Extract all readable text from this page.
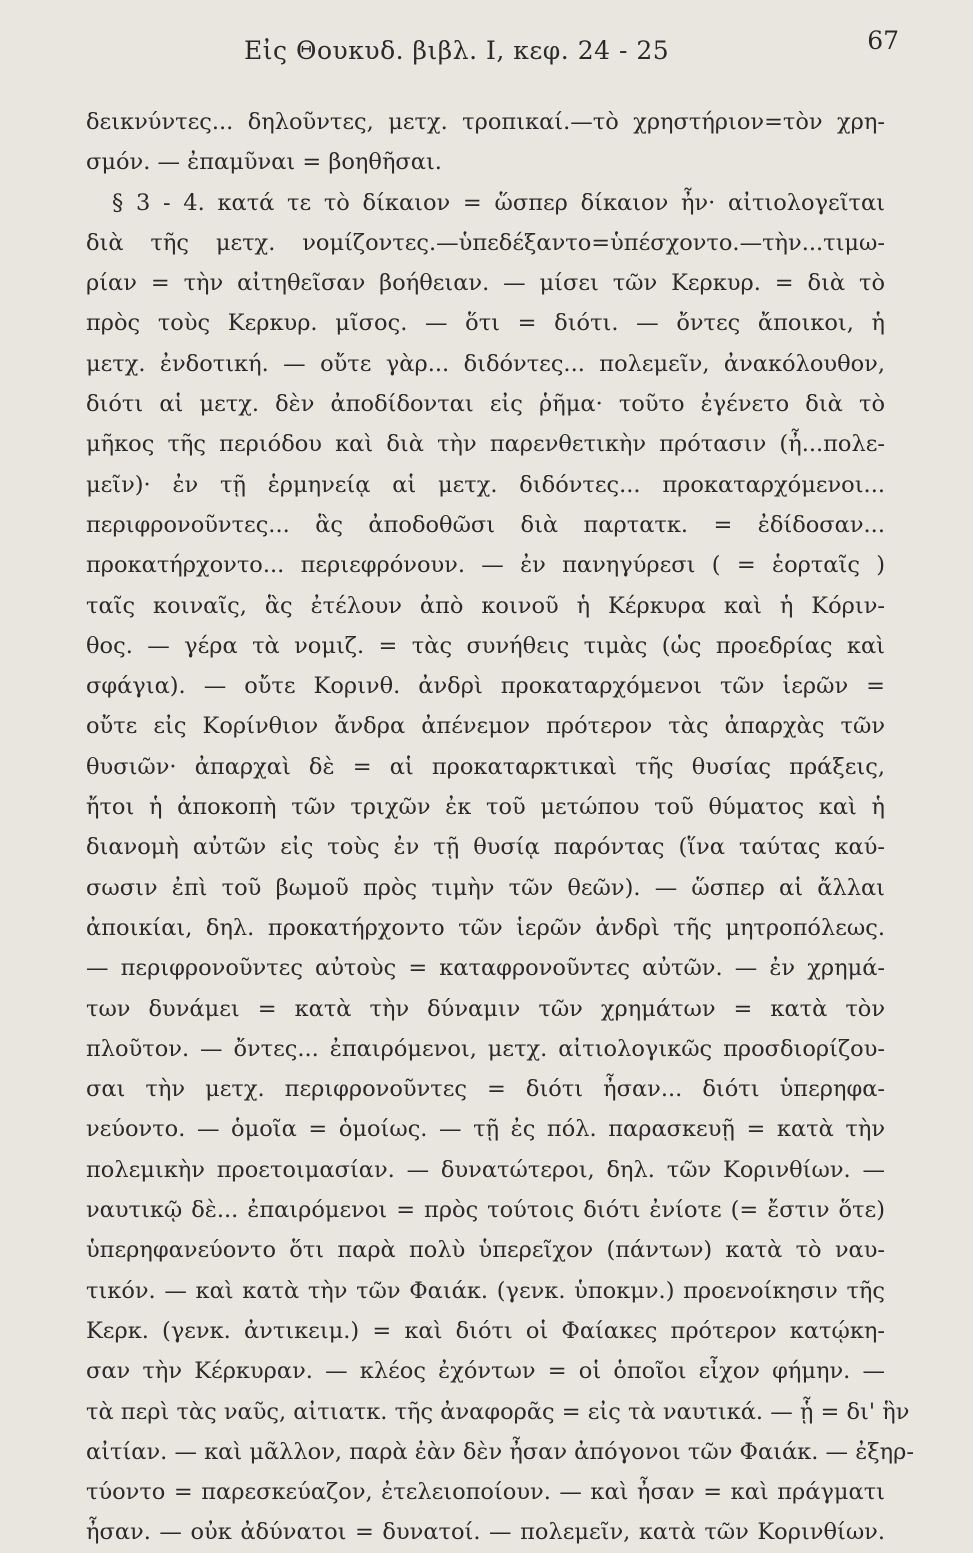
Εἰς Θουκυδ. βιβλ. Ι, κεφ. 24 - 25	67
δεικνύντες... δηλοῦντες, μετχ. τροπικαί.—τὸ χρηστήριον=τὸν χρη-
σμόν. — ἐπαμῦναι = βοηθῆσαι.
§ 3 - 4. κατά τε τὸ δίκαιον = ὥσπερ δίκαιον ἦν· αἰτιολογεῖται
διὰ τῆς μετχ. νομίζοντες.—ὑπεδέξαντο=ὑπέσχοντο.—τὴν...τιμω-
ρίαν = τὴν αἰτηθεῖσαν βοήθειαν. — μίσει τῶν Κερκυρ. = διὰ τὸ
πρὸς τοὺς Κερκυρ. μῖσος. — ὅτι = διότι. — ὄντες ἄποικοι, ἡ
μετχ. ἐνδοτική. — οὔτε γὰρ... διδόντες... πολεμεῖν, ἀνακόλουθον,
διότι αἱ μετχ. δὲν ἀποδίδονται εἰς ῥῆμα· τοῦτο ἐγένετο διὰ τὸ
μῆκος τῆς περιόδου καὶ διὰ τὴν παρενθετικὴν πρότασιν (ἦ...πολε-
μεῖν)· ἐν τῇ ἑρμηνείᾳ αἱ μετχ. διδόντες... προκαταρχόμενοι...
περιφρονοῦντες... ἃς ἀποδοθῶσι διὰ παρτατκ. = ἐδίδοσαν...
προκατήρχοντο... περιεφρόνουν. — ἐν πανηγύρεσι ( = ἑορταῖς )
ταῖς κοιναῖς, ἃς ἐτέλουν ἀπὸ κοινοῦ ἡ Κέρκυρα καὶ ἡ Κόριν-
θος. — γέρα τὰ νομιζ. = τὰς συνήθεις τιμὰς (ὡς προεδρίας καὶ
σφάγια). — οὔτε Κορινθ. ἀνδρὶ προκαταρχόμενοι τῶν ἱερῶν =
οὔτε εἰς Κορίνθιον ἄνδρα ἀπένεμον πρότερον τὰς ἀπαρχὰς τῶν
θυσιῶν· ἀπαρχαὶ δὲ = αἱ προκαταρκτικαὶ τῆς θυσίας πράξεις,
ἤτοι ἡ ἀποκοπὴ τῶν τριχῶν ἐκ τοῦ μετώπου τοῦ θύματος καὶ ἡ
διανομὴ αὐτῶν εἰς τοὺς ἐν τῇ θυσίᾳ παρόντας (ἵνα ταύτας καύ-
σωσιν ἐπὶ τοῦ βωμοῦ πρὸς τιμὴν τῶν θεῶν). — ὥσπερ αἱ ἄλλαι
ἀποικίαι, δηλ. προκατήρχοντο τῶν ἱερῶν ἀνδρὶ τῆς μητροπόλεως.
— περιφρονοῦντες αὐτοὺς = καταφρονοῦντες αὐτῶν. — ἐν χρημά-
των δυνάμει = κατὰ τὴν δύναμιν τῶν χρημάτων = κατὰ τὸν
πλοῦτον. — ὄντες... ἐπαιρόμενοι, μετχ. αἰτιολογικῶς προσδιορίζου-
σαι τὴν μετχ. περιφρονοῦντες = διότι ἦσαν... διότι ὑπερηφα-
νεύοντο. — ὁμοῖα = ὁμοίως. — τῇ ἐς πόλ. παρασκευῇ = κατὰ τὴν
πολεμικὴν προετοιμασίαν. — δυνατώτεροι, δηλ. τῶν Κορινθίων. —
ναυτικῷ δὲ... ἐπαιρόμενοι = πρὸς τούτοις διότι ἐνίοτε (= ἔστιν ὅτε)
ὑπερηφανεύοντο ὅτι παρὰ πολὺ ὑπερεῖχον (πάντων) κατὰ τὸ ναυ-
τικόν. — καὶ κατὰ τὴν τῶν Φαιάκ. (γενκ. ὑποκμν.) προενοίκησιν τῆς
Κερκ. (γενκ. ἀντικειμ.) = καὶ διότι οἱ Φαίακες πρότερον κατῴκη-
σαν τὴν Κέρκυραν. — κλέος ἐχόντων = οἱ ὁποῖοι εἶχον φήμην. —
τὰ περὶ τὰς ναῦς, αἰτιατκ. τῆς ἀναφορᾶς = εἰς τὰ ναυτικά. — ᾗ = δι' ἣν
αἰτίαν. — καὶ μᾶλλον, παρὰ ἐὰν δὲν ἦσαν ἀπόγονοι τῶν Φαιάκ. — ἐξηρ-
τύοντο = παρεσκεύαζον, ἐτελειοποίουν. — καὶ ἦσαν = καὶ πράγματι
ἦσαν. — οὐκ ἀδύνατοι = δυνατοί. — πολεμεῖν, κατὰ τῶν Κορινθίων.
